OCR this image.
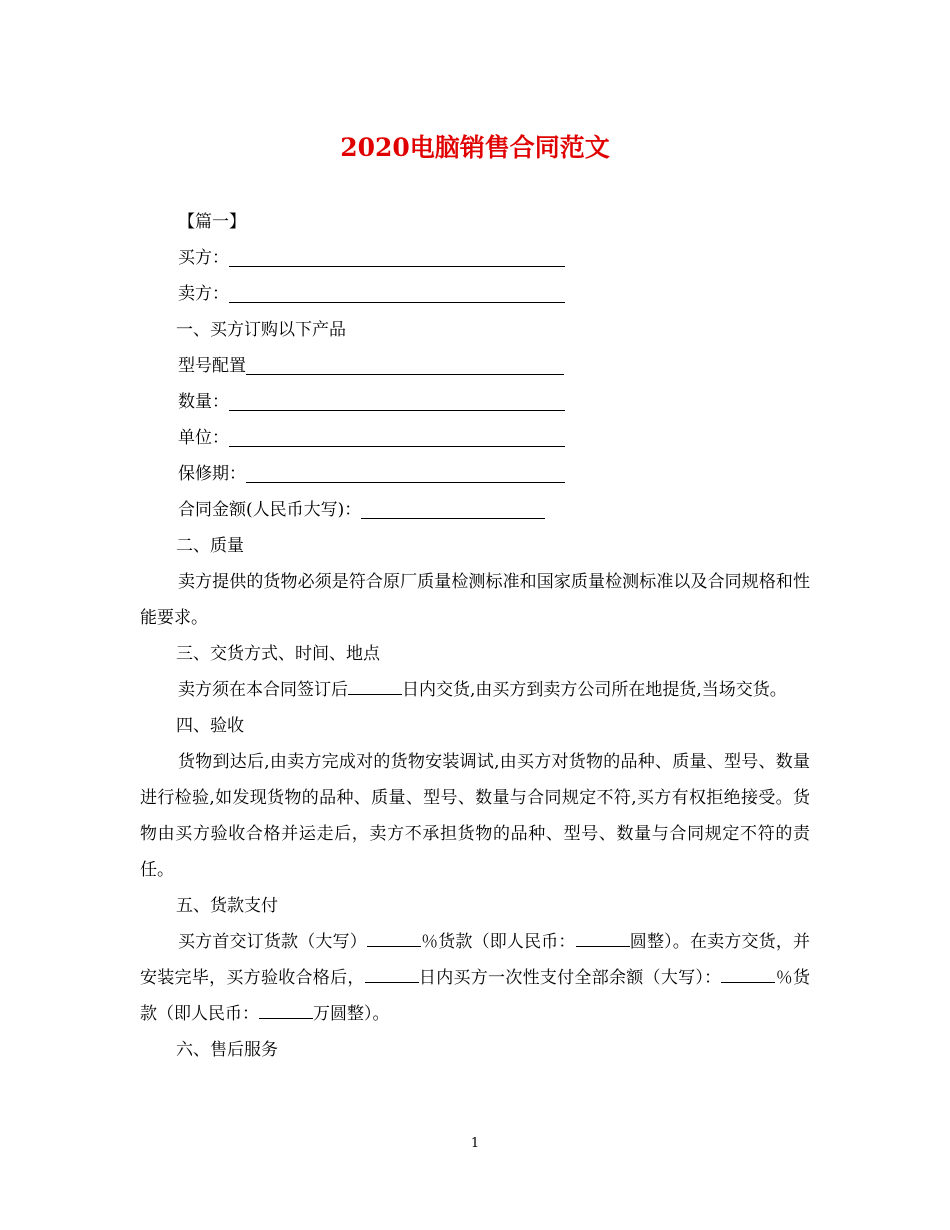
2020电脑销售合同范文
【篇一】
买方：
卖方：
一、买方订购以下产品
型号配置
数量：
单位：
保修期：
合同金额(人民币大写)：
二、质量

卖方提供的货物必须是符合原厂质量检测标准和国家质量检测标准以及合同规格和性能要求。

三、交货方式、时间、地点

卖方须在本合同签订后	日内交货,由买方到卖方公司所在地提货,当场交货。

四、验收

货物到达后,由卖方完成对的货物安装调试,由买方对货物的品种、质量、型号、数量进行检验,如发现货物的品种、质量、型号、数量与合同规定不符,买方有权拒绝接受。货物由买方验收合格并运走后，卖方不承担货物的品种、型号、数量与合同规定不符的责任。

五、货款支付

买方首交订货款（大写）	％货款（即人民币：	圆整）。在卖方交货，并安装完毕，买方验收合格后，	日内买方一次性支付全部余额（大写）：	％货款（即人民币：	万圆整）。

六、售后服务
1
